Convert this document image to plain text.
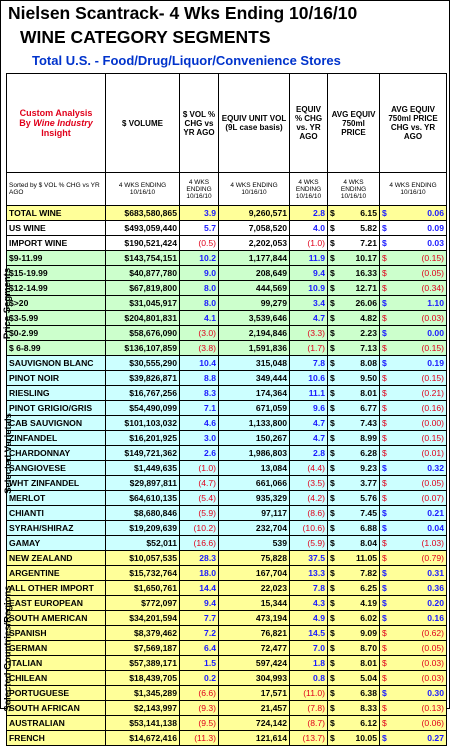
Nielsen Scantrack- 4 Wks Ending 10/16/10
WINE CATEGORY SEGMENTS
Total U.S. - Food/Drug/Liquor/Convenience Stores
Custom Analysis
By Wine Industry
Insight	$ VOLUME	$ VOL % CHG vs YR AGO	EQUIV UNIT VOL (9L case basis)	EQUIV % CHG vs. YR AGO	AVG EQUIV 750ml PRICE	AVG EQUIV 750ml PRICE CHG vs. YR AGO
Sorted by $ VOL % CHG vs YR AGO	4 WKS ENDING 10/16/10	4 WKS ENDING 10/16/10	4 WKS ENDING 10/16/10	4 WKS ENDING 10/16/10	4 WKS ENDING 10/16/10	4 WKS ENDING 10/16/10
TOTAL WINE	$683,580,865	3.9	9,260,571	2.8	$ 6.15	$ 0.06
US WINE	$493,059,440	5.7	7,058,520	4.0	$ 5.82	$ 0.09
IMPORT WINE	$190,521,424	(0.5)	2,202,053	(1.0)	$ 7.21	$ 0.03
$9-11.99	$143,754,151	10.2	1,177,844	11.9	$ 10.17	$ (0.15)
$15-19.99	$40,877,780	9.0	208,649	9.4	$ 16.33	$ (0.05)
$12-14.99	$67,819,800	8.0	444,569	10.9	$ 12.71	$ (0.34)
$>20	$31,045,917	8.0	99,279	3.4	$ 26.06	$ 1.10
$3-5.99	$204,801,831	4.1	3,539,646	4.7	$ 4.82	$ (0.03)
$0-2.99	$58,676,090	(3.0)	2,194,846	(3.3)	$ 2.23	$ 0.00
$ 6-8.99	$136,107,859	(3.8)	1,591,836	(1.7)	$ 7.13	$ (0.15)
SAUVIGNON BLANC	$30,555,290	10.4	315,048	7.8	$ 8.08	$ 0.19
PINOT NOIR	$39,826,871	8.8	349,444	10.6	$ 9.50	$ (0.15)
RIESLING	$16,767,256	8.3	174,364	11.1	$ 8.01	$ (0.21)
PINOT GRIGIO/GRIS	$54,490,099	7.1	671,059	9.6	$ 6.77	$ (0.16)
CAB SAUVIGNON	$101,103,032	4.6	1,133,800	4.7	$ 7.43	$ (0.00)
ZINFANDEL	$16,201,925	3.0	150,267	4.7	$ 8.99	$ (0.15)
CHARDONNAY	$149,721,362	2.6	1,986,803	2.8	$ 6.28	$ (0.01)
SANGIOVESE	$1,449,635	(1.0)	13,084	(4.4)	$ 9.23	$ 0.32
WHT ZINFANDEL	$29,897,811	(4.7)	661,066	(3.5)	$ 3.77	$ (0.05)
MERLOT	$64,610,135	(5.4)	935,329	(4.2)	$ 5.76	$ (0.07)
CHIANTI	$8,680,846	(5.9)	97,117	(8.6)	$ 7.45	$ 0.21
SYRAH/SHIRAZ	$19,209,639	(10.2)	232,704	(10.6)	$ 6.88	$ 0.04
GAMAY	$52,011	(16.6)	539	(5.9)	$ 8.04	$ (1.03)
NEW ZEALAND	$10,057,535	28.3	75,828	37.5	$ 11.05	$ (0.79)
ARGENTINE	$15,732,764	18.0	167,704	13.3	$ 7.82	$ 0.31
ALL OTHER IMPORT	$1,650,761	14.4	22,023	7.8	$ 6.25	$ 0.36
EAST EUROPEAN	$772,097	9.4	15,344	4.3	$ 4.19	$ 0.20
SOUTH AMERICAN	$34,201,594	7.7	473,194	4.9	$ 6.02	$ 0.16
SPANISH	$8,379,462	7.2	76,821	14.5	$ 9.09	$ (0.62)
GERMAN	$7,569,187	6.4	72,477	7.0	$ 8.70	$ (0.05)
ITALIAN	$57,389,171	1.5	597,424	1.8	$ 8.01	$ (0.03)
CHILEAN	$18,439,705	0.2	304,993	0.8	$ 5.04	$ (0.03)
PORTUGUESE	$1,345,289	(6.6)	17,571	(11.0)	$ 6.38	$ 0.30
SOUTH AFRICAN	$2,143,997	(9.3)	21,457	(7.8)	$ 8.33	$ (0.13)
AUSTRALIAN	$53,141,138	(9.5)	724,142	(8.7)	$ 6.12	$ (0.06)
FRENCH	$14,672,416	(11.3)	121,614	(13.7)	$ 10.05	$ 0.27
Price Segments
Selected Varietals
Selected Countries/Regions
